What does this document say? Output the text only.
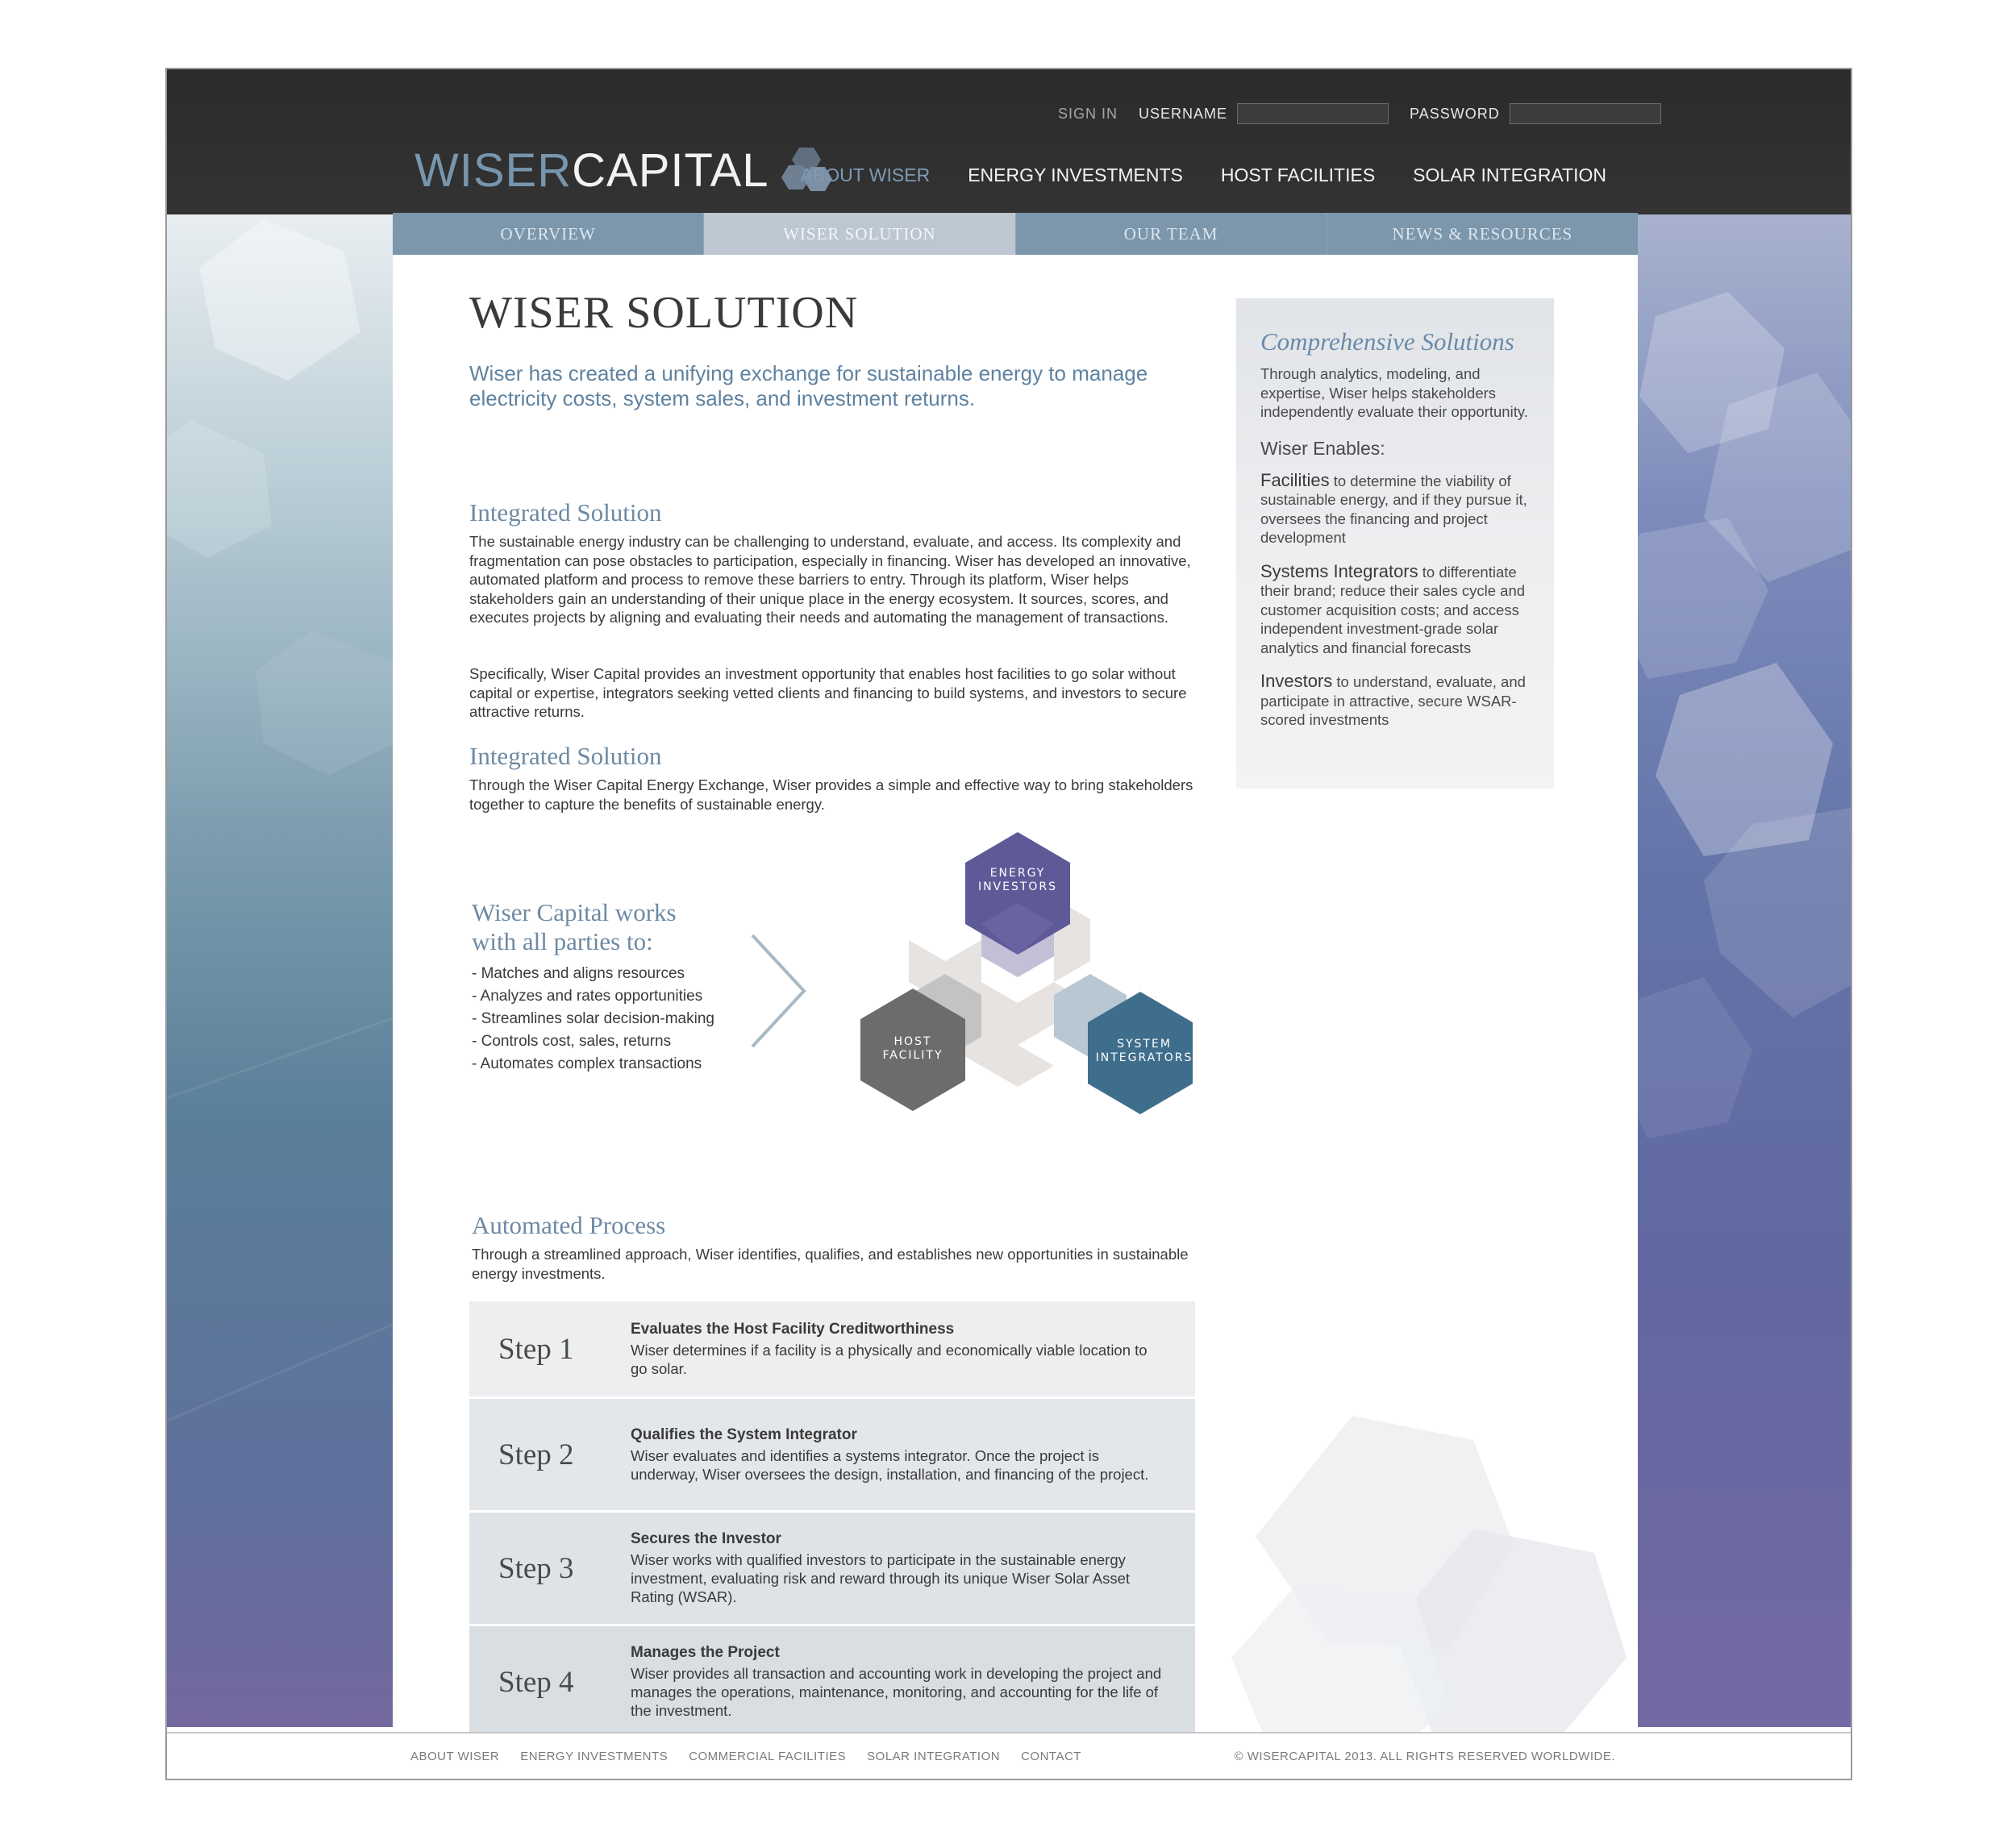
SIGN IN USERNAME	PASSWORD
WISER CAPITAL ABOUT WISER ENERGY INVESTMENTS HOST FACILITIES SOLAR INTEGRATION
OVERVIEW	WISER SOLUTION	OUR TEAM	NEWS & RESOURCES
WISER SOLUTION
Wiser has created a unifying exchange for sustainable energy to manage electricity costs, system sales, and investment returns.
Integrated Solution
The sustainable energy industry can be challenging to understand, evaluate, and access. Its complexity and fragmentation can pose obstacles to participation, especially in financing. Wiser has developed an innovative, automated platform and process to remove these barriers to entry. Through its platform, Wiser helps stakeholders gain an understanding of their unique place in the energy ecosystem. It sources, scores, and executes projects by aligning and evaluating their needs and automating the management of transactions.
Specifically, Wiser Capital provides an investment opportunity that enables host facilities to go solar without capital or expertise, integrators seeking vetted clients and financing to build systems, and investors to secure attractive returns.
Integrated Solution
Through the Wiser Capital Energy Exchange, Wiser provides a simple and effective way to bring stakeholders together to capture the benefits of sustainable energy.
Comprehensive Solutions
Through analytics, modeling, and expertise, Wiser helps stakeholders independently evaluate their opportunity.
Wiser Enables:
Facilities to determine the viability of sustainable energy, and if they pursue it, oversees the financing and project development
Systems Integrators to differentiate their brand; reduce their sales cycle and customer acquisition costs; and access independent investment-grade solar analytics and financial forecasts
Investors to understand, evaluate, and participate in attractive, secure WSAR-scored investments
Wiser Capital works
with all parties to:
- Matches and aligns resources
- Analyzes and rates opportunities
- Streamlines solar decision-making
- Controls cost, sales, returns
- Automates complex transactions
ENERGY
INVESTORS
HOST
FACILITY
SYSTEM
INTEGRATORS
Automated Process
Through a streamlined approach, Wiser identifies, qualifies, and establishes new opportunities in sustainable energy investments.
Step 1
Evaluates the Host Facility Creditworthiness
Wiser determines if a facility is a physically and economically viable location to go solar.
Step 2
Qualifies the System Integrator
Wiser evaluates and identifies a systems integrator. Once the project is underway, Wiser oversees the design, installation, and financing of the project.
Step 3
Secures the Investor
Wiser works with qualified investors to participate in the sustainable energy investment, evaluating risk and reward through its unique Wiser Solar Asset Rating (WSAR).
Step 4
Manages the Project
Wiser provides all transaction and accounting work in developing the project and manages the operations, maintenance, monitoring, and accounting for the life of the investment.
ABOUT WISER ENERGY INVESTMENTS COMMERCIAL FACILITIES SOLAR INTEGRATION CONTACT	© WISERCAPITAL 2013. ALL RIGHTS RESERVED WORLDWIDE.
